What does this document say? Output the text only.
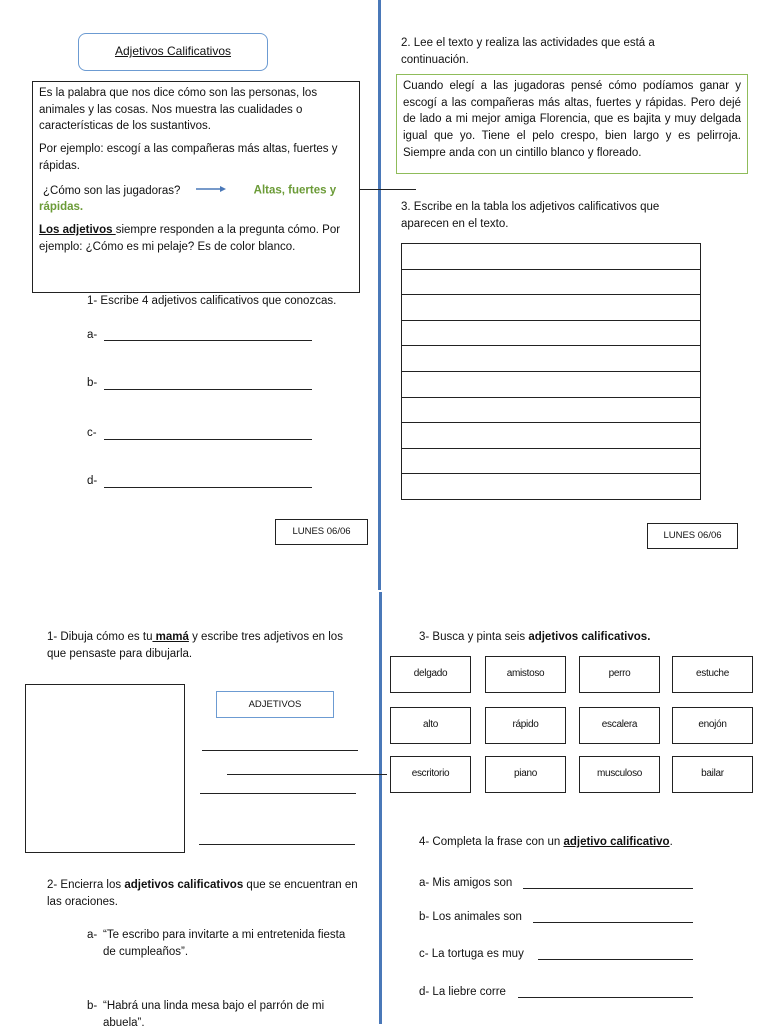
Adjetivos Calificativos

Es la palabra que nos dice cómo son las personas, los animales y las cosas. Nos muestra las cualidades o características de los sustantivos.

Por ejemplo: escogí a las compañeras más altas, fuertes y rápidas.

¿Cómo son las jugadoras?	Altas, fuertes y rápidas.

Los adjetivos siempre responden a la pregunta cómo. Por ejemplo: ¿Cómo es mi pelaje? Es de color blanco.

1- Escribe 4 adjetivos calificativos que conozcas.
a-
b-
c-
d-
LUNES 06/06
2. Lee el texto y realiza las actividades que está a continuación.
Cuando elegí a las jugadoras pensé cómo podíamos ganar y escogí a las compañeras más altas, fuertes y rápidas. Pero dejé de lado a mi mejor amiga Florencia, que es bajita y muy delgada igual que yo. Tiene el pelo crespo, bien largo y es pelirroja. Siempre anda con un cintillo blanco y floreado.
3. Escribe en la tabla los adjetivos calificativos que aparecen en el texto.
LUNES 06/06
1- Dibuja cómo es tu mamá y escribe tres adjetivos en los que pensaste para dibujarla.
ADJETIVOS
2- Encierra los adjetivos calificativos que se encuentran en las oraciones.
a- “Te escribo para invitarte a mi entretenida fiesta de cumpleaños”.
b- “Habrá una linda mesa bajo el parrón de mi abuela”.
3- Busca y pinta seis adjetivos calificativos.
delgado	amistoso	perro	estuche
alto	rápido	escalera	enojón
escritorio	piano	musculoso	bailar
4- Completa la frase con un adjetivo calificativo.
a- Mis amigos son
b- Los animales son
c- La tortuga es muy
d- La liebre corre
